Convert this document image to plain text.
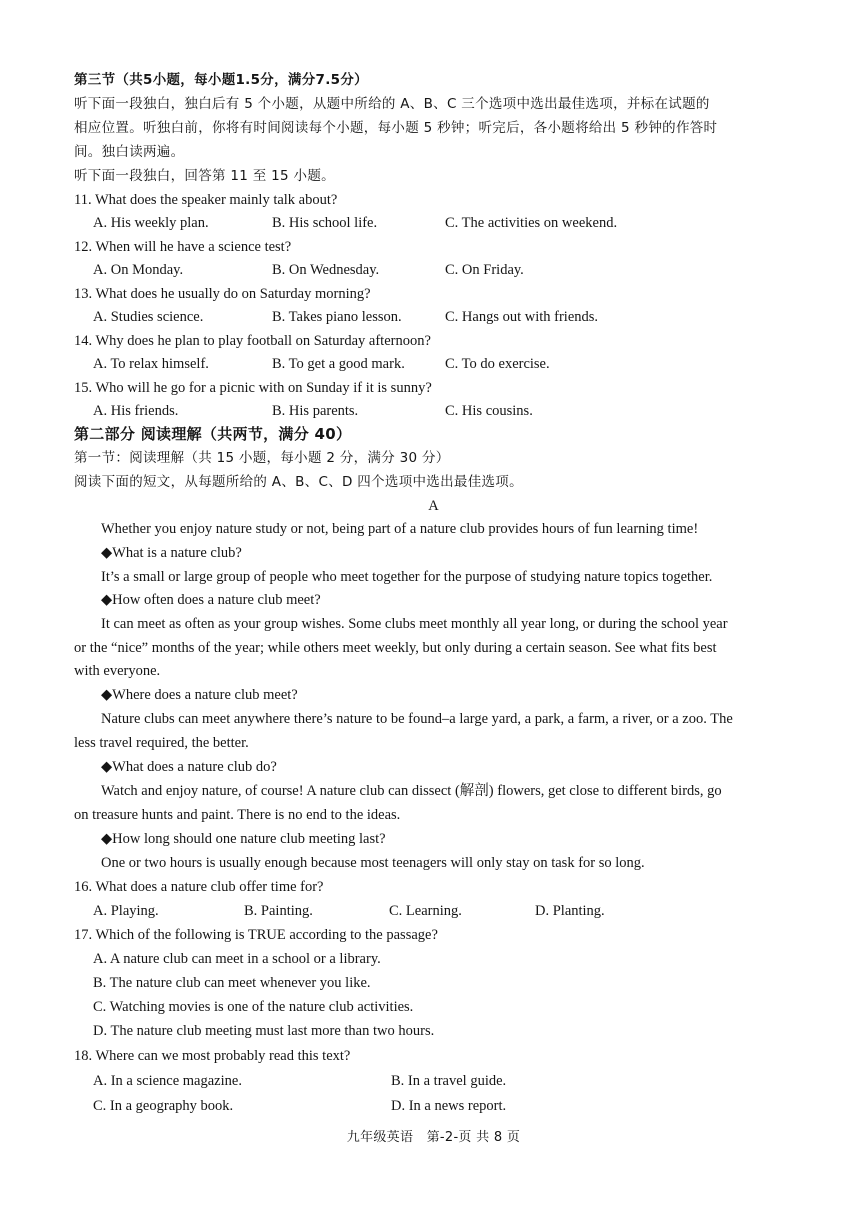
第三节（共5小题，每小题1.5分，满分7.5分）
听下面一段独白，独白后有 5 个小题，从题中所给的 A、B、C 三个选项中选出最佳选项，并标在试题的
相应位置。听独白前，你将有时间阅读每个小题，每小题 5 秒钟；听完后，各小题将给出 5 秒钟的作答时
间。独白读两遍。
听下面一段独白，回答第 11 至 15 小题。
11. What does the speaker mainly talk about?
A. His weekly plan.	B. His school life.	C. The activities on weekend.
12. When will he have a science test?
A. On Monday.	B. On Wednesday.	C. On Friday.
13. What does he usually do on Saturday morning?
A. Studies science.	B. Takes piano lesson.	C. Hangs out with friends.
14. Why does he plan to play football on Saturday afternoon?
A. To relax himself.	B. To get a good mark.	C. To do exercise.
15. Who will he go for a picnic with on Sunday if it is sunny?
A. His friends.	B. His parents.	C. His cousins.
第二部分 阅读理解（共两节，满分 40）
第一节：阅读理解（共 15 小题，每小题 2 分，满分 30 分）
阅读下面的短文，从每题所给的 A、B、C、D 四个选项中选出最佳选项。
A
Whether you enjoy nature study or not, being part of a nature club provides hours of fun learning time!
◆What is a nature club?
It’s a small or large group of people who meet together for the purpose of studying nature topics together.
◆How often does a nature club meet?
It can meet as often as your group wishes. Some clubs meet monthly all year long, or during the school year
or the “nice” months of the year; while others meet weekly, but only during a certain season. See what fits best
with everyone.
◆Where does a nature club meet?
Nature clubs can meet anywhere there’s nature to be found–a large yard, a park, a farm, a river, or a zoo. The
less travel required, the better.
◆What does a nature club do?
Watch and enjoy nature, of course! A nature club can dissect (解剖) flowers, get close to different birds, go
on treasure hunts and paint. There is no end to the ideas.
◆How long should one nature club meeting last?
One or two hours is usually enough because most teenagers will only stay on task for so long.
16. What does a nature club offer time for?
A. Playing.	B. Painting.	C. Learning.	D. Planting.
17. Which of the following is TRUE according to the passage?
A. A nature club can meet in a school or a library.
B. The nature club can meet whenever you like.
C. Watching movies is one of the nature club activities.
D. The nature club meeting must last more than two hours.
18. Where can we most probably read this text?
A. In a science magazine.	B. In a travel guide.
C. In a geography book.	D. In a news report.
九年级英语　第-2-页 共 8 页
